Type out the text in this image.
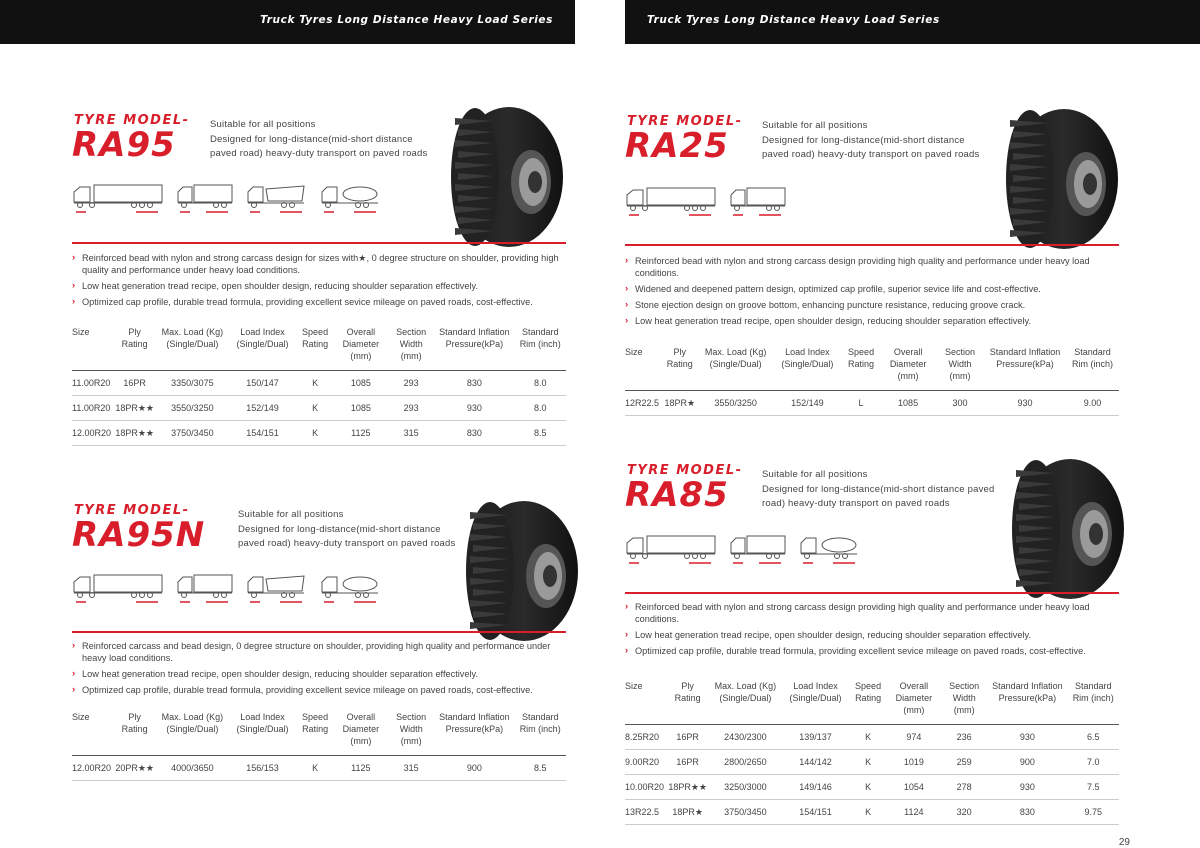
Truck Tyres Long Distance Heavy Load Series	Truck Tyres Long Distance Heavy Load Series
TYRE MODEL-
RA95
Suitable for all positions
Designed for long-distance(mid-short distance
paved road) heavy-duty transport on paved roads
› Reinforced bead with nylon and strong carcass design for sizes with★, 0 degree structure on shoulder, providing high quality and performance under heavy load conditions.
› Low heat generation tread recipe, open shoulder design, reducing shoulder separation effectively.
› Optimized cap profile, durable tread formula, providing excellent sevice mileage on paved roads, cost-effective.
Size	Ply Rating	Max. Load (Kg) (Single/Dual)	Load Index (Single/Dual)	Speed Rating	Overall Diameter (mm)	Section Width (mm)	Standard Inflation Pressure(kPa)	Standard Rim (inch)
11.00R20	16PR	3350/3075	150/147	K	1085	293	830	8.0
11.00R20	18PR★★	3550/3250	152/149	K	1085	293	930	8.0
12.00R20	18PR★★	3750/3450	154/151	K	1125	315	830	8.5
TYRE MODEL-
RA95N
Suitable for all positions
Designed for long-distance(mid-short distance
paved road) heavy-duty transport on paved roads
› Reinforced carcass and bead design, 0 degree structure on shoulder, providing high quality and performance under heavy load conditions.
› Low heat generation tread recipe, open shoulder design, reducing shoulder separation effectively.
› Optimized cap profile, durable tread formula, providing excellent sevice mileage on paved roads, cost-effective.
Size	Ply Rating	Max. Load (Kg) (Single/Dual)	Load Index (Single/Dual)	Speed Rating	Overall Diameter (mm)	Section Width (mm)	Standard Inflation Pressure(kPa)	Standard Rim (inch)
12.00R20	20PR★★	4000/3650	156/153	K	1125	315	900	8.5
TYRE MODEL-
RA25
Suitable for all positions
Designed for long-distance(mid-short distance
paved road) heavy-duty transport on paved roads
› Reinforced bead with nylon and strong carcass design providing high quality and performance under heavy load conditions.
› Widened and deepened pattern design, optimized cap profile, superior sevice life and cost-effective.
› Stone ejection design on groove bottom, enhancing puncture resistance, reducing groove crack.
› Low heat generation tread recipe, open shoulder design, reducing shoulder separation effectively.
Size	Ply Rating	Max. Load (Kg) (Single/Dual)	Load Index (Single/Dual)	Speed Rating	Overall Diameter (mm)	Section Width (mm)	Standard Inflation Pressure(kPa)	Standard Rim (inch)
12R22.5	18PR★	3550/3250	152/149	L	1085	300	930	9.00
TYRE MODEL-
RA85
Suitable for all positions
Designed for long-distance(mid-short distance paved
road) heavy-duty transport on paved roads
› Reinforced bead with nylon and strong carcass design providing high quality and performance under heavy load conditions.
› Low heat generation tread recipe, open shoulder design, reducing shoulder separation effectively.
› Optimized cap profile, durable tread formula, providing excellent sevice mileage on paved roads, cost-effective.
Size	Ply Rating	Max. Load (Kg) (Single/Dual)	Load Index (Single/Dual)	Speed Rating	Overall Diameter (mm)	Section Width (mm)	Standard Inflation Pressure(kPa)	Standard Rim (inch)
8.25R20	16PR	2430/2300	139/137	K	974	236	930	6.5
9.00R20	16PR	2800/2650	144/142	K	1019	259	900	7.0
10.00R20	18PR★★	3250/3000	149/146	K	1054	278	930	7.5
13R22.5	18PR★	3750/3450	154/151	K	1124	320	830	9.75
29
